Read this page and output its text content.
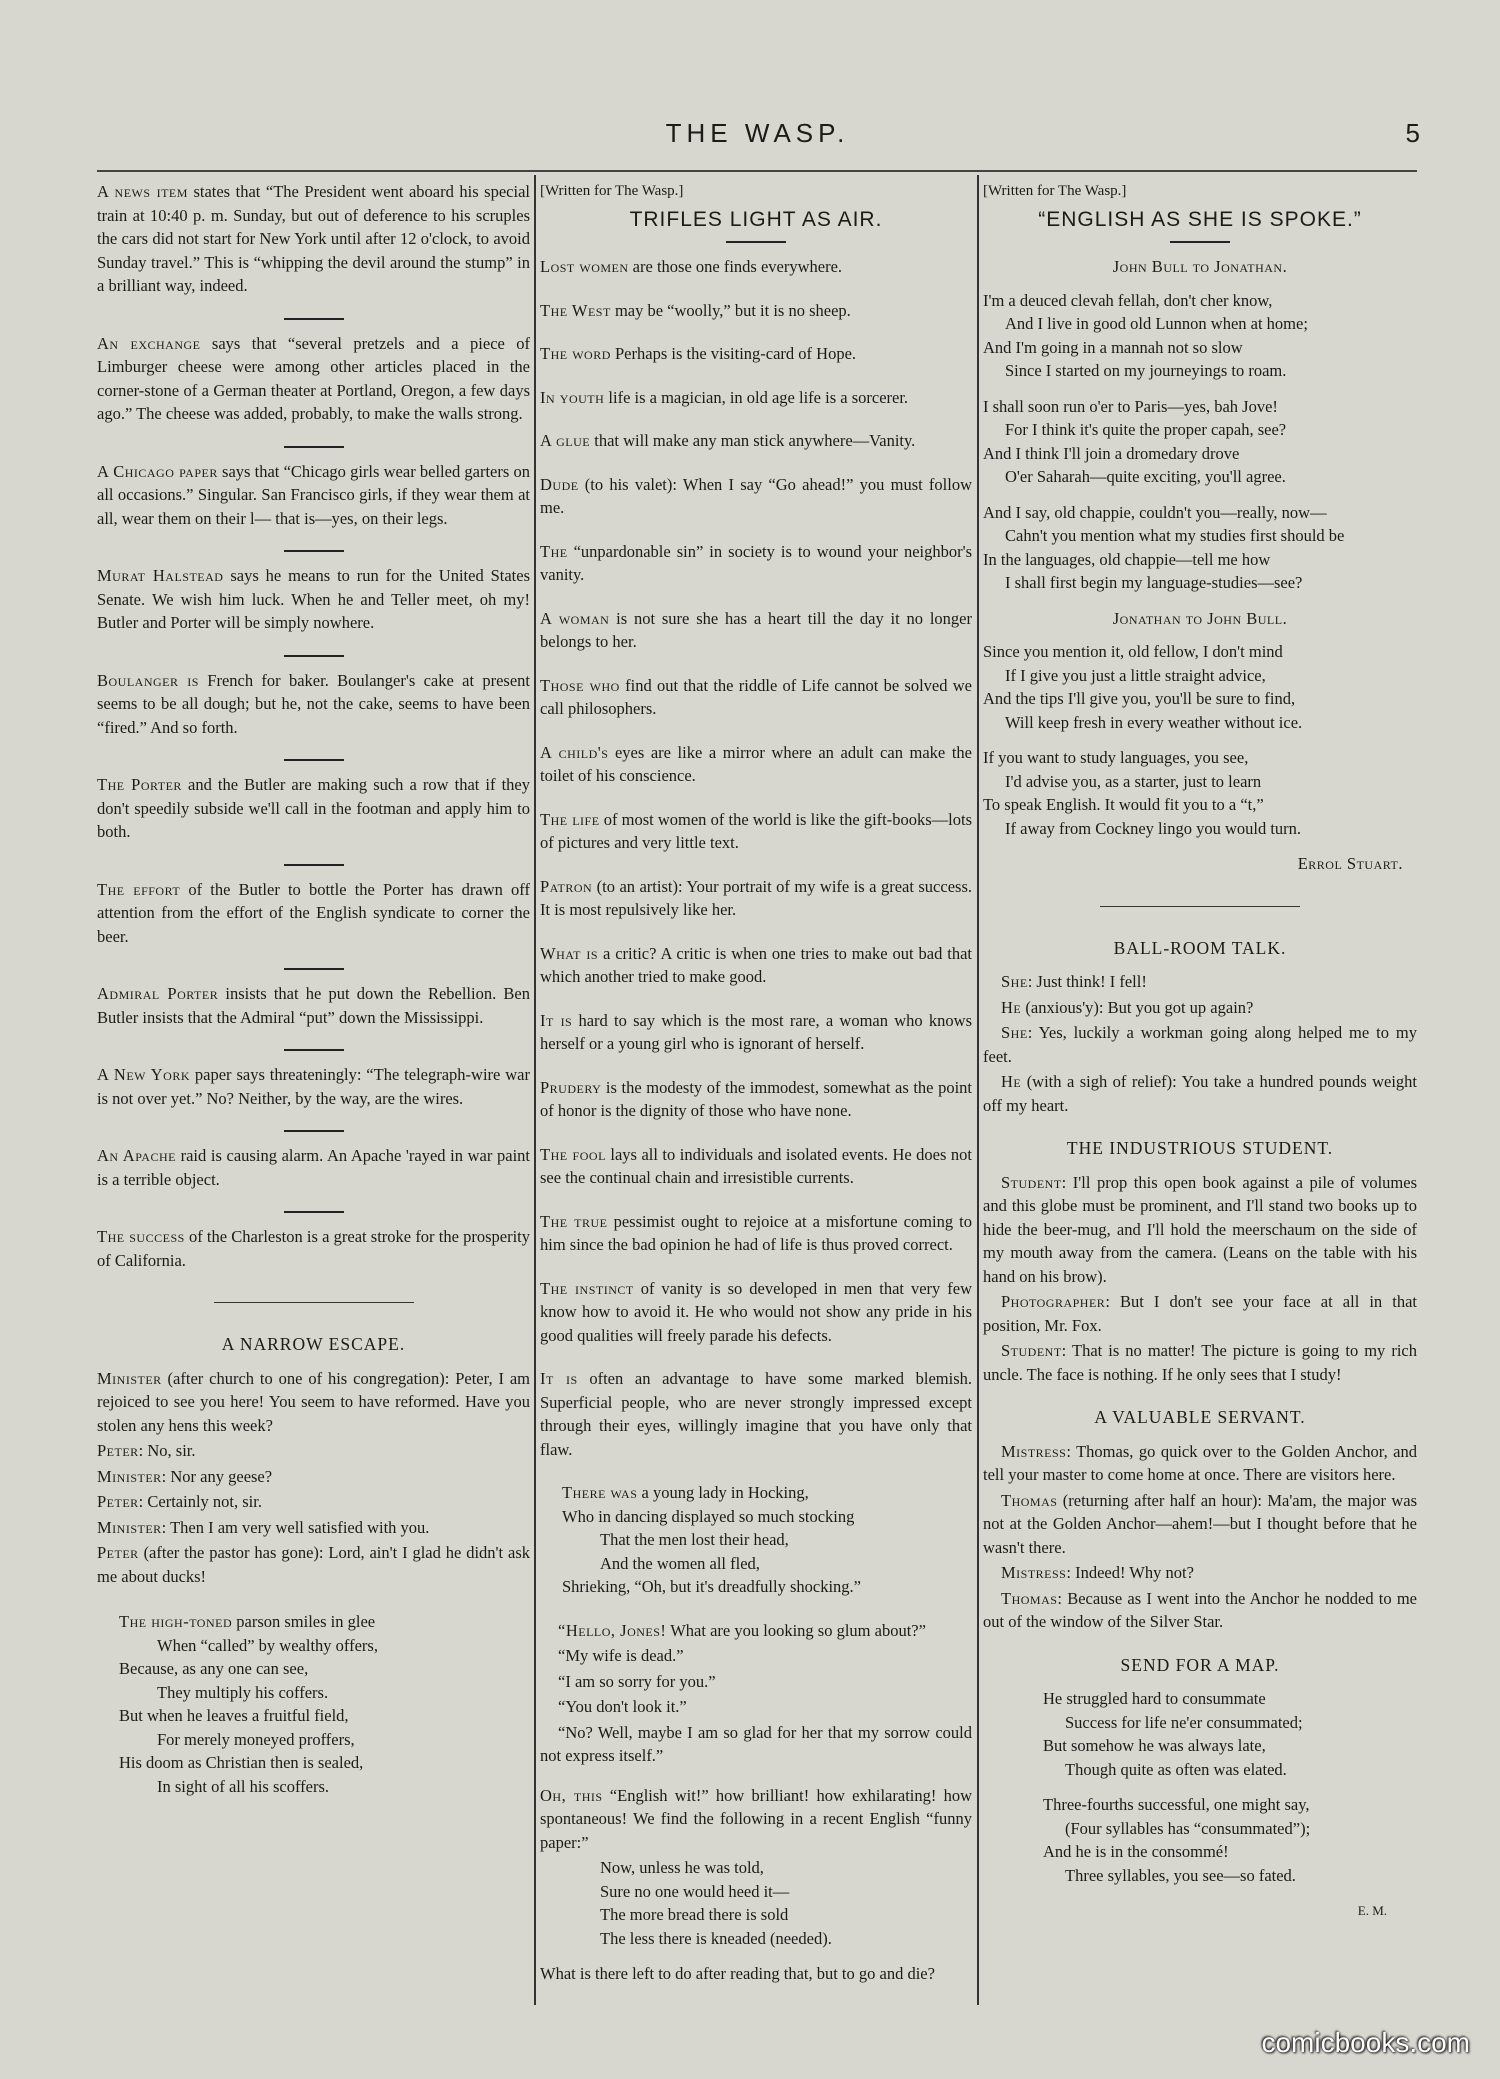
THE WASP.	5

A news item states that “The President went aboard his special train at 10:40 p. m. Sunday, but out of deference to his scruples the cars did not start for New York until after 12 o'clock, to avoid Sunday travel.” This is “whipping the devil around the stump” in a brilliant way, indeed.

An exchange says that “several pretzels and a piece of Limburger cheese were among other articles placed in the corner-stone of a German theater at Portland, Oregon, a few days ago.” The cheese was added, probably, to make the walls strong.

A Chicago paper says that “Chicago girls wear belled garters on all occasions.” Singular. San Francisco girls, if they wear them at all, wear them on their l— that is—yes, on their legs.

Murat Halstead says he means to run for the United States Senate. We wish him luck. When he and Teller meet, oh my! Butler and Porter will be simply nowhere.

Boulanger is French for baker. Boulanger's cake at present seems to be all dough; but he, not the cake, seems to have been “fired.” And so forth.

The Porter and the Butler are making such a row that if they don't speedily subside we'll call in the footman and apply him to both.

The effort of the Butler to bottle the Porter has drawn off attention from the effort of the English syndicate to corner the beer.

Admiral Porter insists that he put down the Rebellion. Ben Butler insists that the Admiral “put” down the Mississippi.

A New York paper says threateningly: “The telegraph-wire war is not over yet.” No? Neither, by the way, are the wires.

An Apache raid is causing alarm. An Apache 'rayed in war paint is a terrible object.

The success of the Charleston is a great stroke for the prosperity of California.

A NARROW ESCAPE.

Minister (after church to one of his congregation): Peter, I am rejoiced to see you here! You seem to have reformed. Have you stolen any hens this week?

Peter: No, sir.

Minister: Nor any geese?

Peter: Certainly not, sir.

Minister: Then I am very well satisfied with you.

Peter (after the pastor has gone): Lord, ain't I glad he didn't ask me about ducks!

The high-toned parson smiles in glee
When “called” by wealthy offers,
Because, as any one can see,
They multiply his coffers.
But when he leaves a fruitful field,
For merely moneyed proffers,
His doom as Christian then is sealed,
In sight of all his scoffers.
[Written for The Wasp.]
TRIFLES LIGHT AS AIR.

Lost women are those one finds everywhere.

The West may be “woolly,” but it is no sheep.

The word Perhaps is the visiting-card of Hope.

In youth life is a magician, in old age life is a sorcerer.

A glue that will make any man stick anywhere—Vanity.

Dude (to his valet): When I say “Go ahead!” you must follow me.

The “unpardonable sin” in society is to wound your neighbor's vanity.

A woman is not sure she has a heart till the day it no longer belongs to her.

Those who find out that the riddle of Life cannot be solved we call philosophers.

A child's eyes are like a mirror where an adult can make the toilet of his conscience.

The life of most women of the world is like the gift-books—lots of pictures and very little text.

Patron (to an artist): Your portrait of my wife is a great success. It is most repulsively like her.

What is a critic? A critic is when one tries to make out bad that which another tried to make good.

It is hard to say which is the most rare, a woman who knows herself or a young girl who is ignorant of herself.

Prudery is the modesty of the immodest, somewhat as the point of honor is the dignity of those who have none.

The fool lays all to individuals and isolated events. He does not see the continual chain and irresistible currents.

The true pessimist ought to rejoice at a misfortune coming to him since the bad opinion he had of life is thus proved correct.

The instinct of vanity is so developed in men that very few know how to avoid it. He who would not show any pride in his good qualities will freely parade his defects.

It is often an advantage to have some marked blemish. Superficial people, who are never strongly impressed except through their eyes, willingly imagine that you have only that flaw.

There was a young lady in Hocking,
Who in dancing displayed so much stocking
That the men lost their head,
And the women all fled,
Shrieking, “Oh, but it's dreadfully shocking.”

“Hello, Jones! What are you looking so glum about?”

“My wife is dead.”

“I am so sorry for you.”

“You don't look it.”

“No? Well, maybe I am so glad for her that my sorrow could not express itself.”

Oh, this “English wit!” how brilliant! how exhilarating! how spontaneous! We find the following in a recent English “funny paper:”

Now, unless he was told,
Sure no one would heed it—
The more bread there is sold
The less there is kneaded (needed).

What is there left to do after reading that, but to go and die?

[Written for The Wasp.]
“ENGLISH AS SHE IS SPOKE.”
John Bull to Jonathan.
I'm a deuced clevah fellah, don't cher know,
And I live in good old Lunnon when at home;
And I'm going in a mannah not so slow
Since I started on my journeyings to roam.
I shall soon run o'er to Paris—yes, bah Jove!
For I think it's quite the proper capah, see?
And I think I'll join a dromedary drove
O'er Saharah—quite exciting, you'll agree.
And I say, old chappie, couldn't you—really, now—
Cahn't you mention what my studies first should be
In the languages, old chappie—tell me how
I shall first begin my language-studies—see?
Jonathan to John Bull.
Since you mention it, old fellow, I don't mind
If I give you just a little straight advice,
And the tips I'll give you, you'll be sure to find,
Will keep fresh in every weather without ice.
If you want to study languages, you see,
I'd advise you, as a starter, just to learn
To speak English. It would fit you to a “t,”
If away from Cockney lingo you would turn.
Errol Stuart.
BALL-ROOM TALK.

She: Just think! I fell!

He (anxious'y): But you got up again?

She: Yes, luckily a workman going along helped me to my feet.

He (with a sigh of relief): You take a hundred pounds weight off my heart.

THE INDUSTRIOUS STUDENT.

Student: I'll prop this open book against a pile of volumes and this globe must be prominent, and I'll stand two books up to hide the beer-mug, and I'll hold the meerschaum on the side of my mouth away from the camera. (Leans on the table with his hand on his brow).

Photographer: But I don't see your face at all in that position, Mr. Fox.

Student: That is no matter! The picture is going to my rich uncle. The face is nothing. If he only sees that I study!

A VALUABLE SERVANT.

Mistress: Thomas, go quick over to the Golden Anchor, and tell your master to come home at once. There are visitors here.

Thomas (returning after half an hour): Ma'am, the major was not at the Golden Anchor—ahem!—but I thought before that he wasn't there.

Mistress: Indeed! Why not?

Thomas: Because as I went into the Anchor he nodded to me out of the window of the Silver Star.

SEND FOR A MAP.
He struggled hard to consummate
Success for life ne'er consummated;
But somehow he was always late,
Though quite as often was elated.
Three-fourths successful, one might say,
(Four syllables has “consummated”);
And he is in the consommé!
Three syllables, you see—so fated.
E. M.
comicbooks.com
